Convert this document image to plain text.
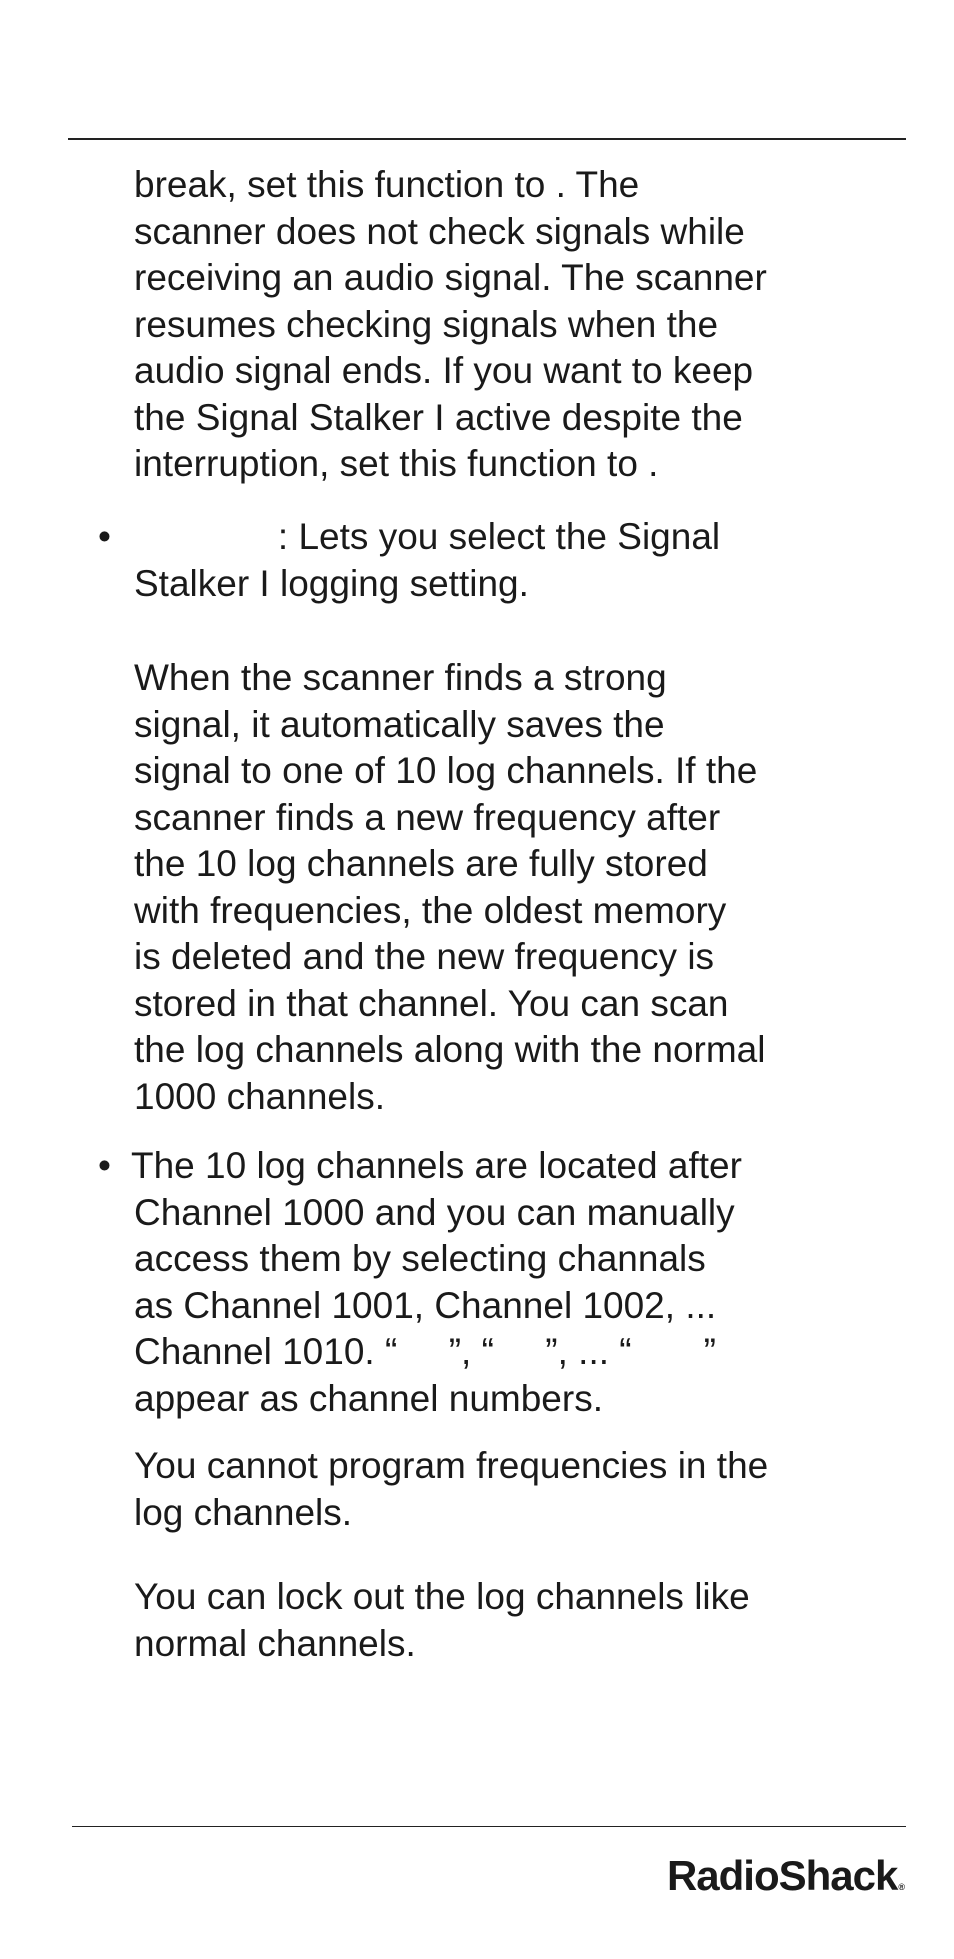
break, set this function to . The
scanner does not check signals while
receiving an audio signal. The scanner
resumes checking signals when the
audio signal ends. If you want to keep
the Signal Stalker I active despite the
interruption, set this function to .
• : Lets you select the Signal
Stalker I logging setting.
When the scanner finds a strong
signal, it automatically saves the
signal to one of 10 log channels. If the
scanner finds a new frequency after
the 10 log channels are fully stored
with frequencies, the oldest memory
is deleted and the new frequency is
stored in that channel. You can scan
the log channels along with the normal
1000 channels.
• The 10 log channels are located after
Channel 1000 and you can manually
access them by selecting channals
as Channel 1001, Channel 1002, ...
Channel 1010. “     ”, “     ”, ... “       ”
appear as channel numbers.
You cannot program frequencies in the
log channels.
You can lock out the log channels like
normal channels.
RadioShack®
